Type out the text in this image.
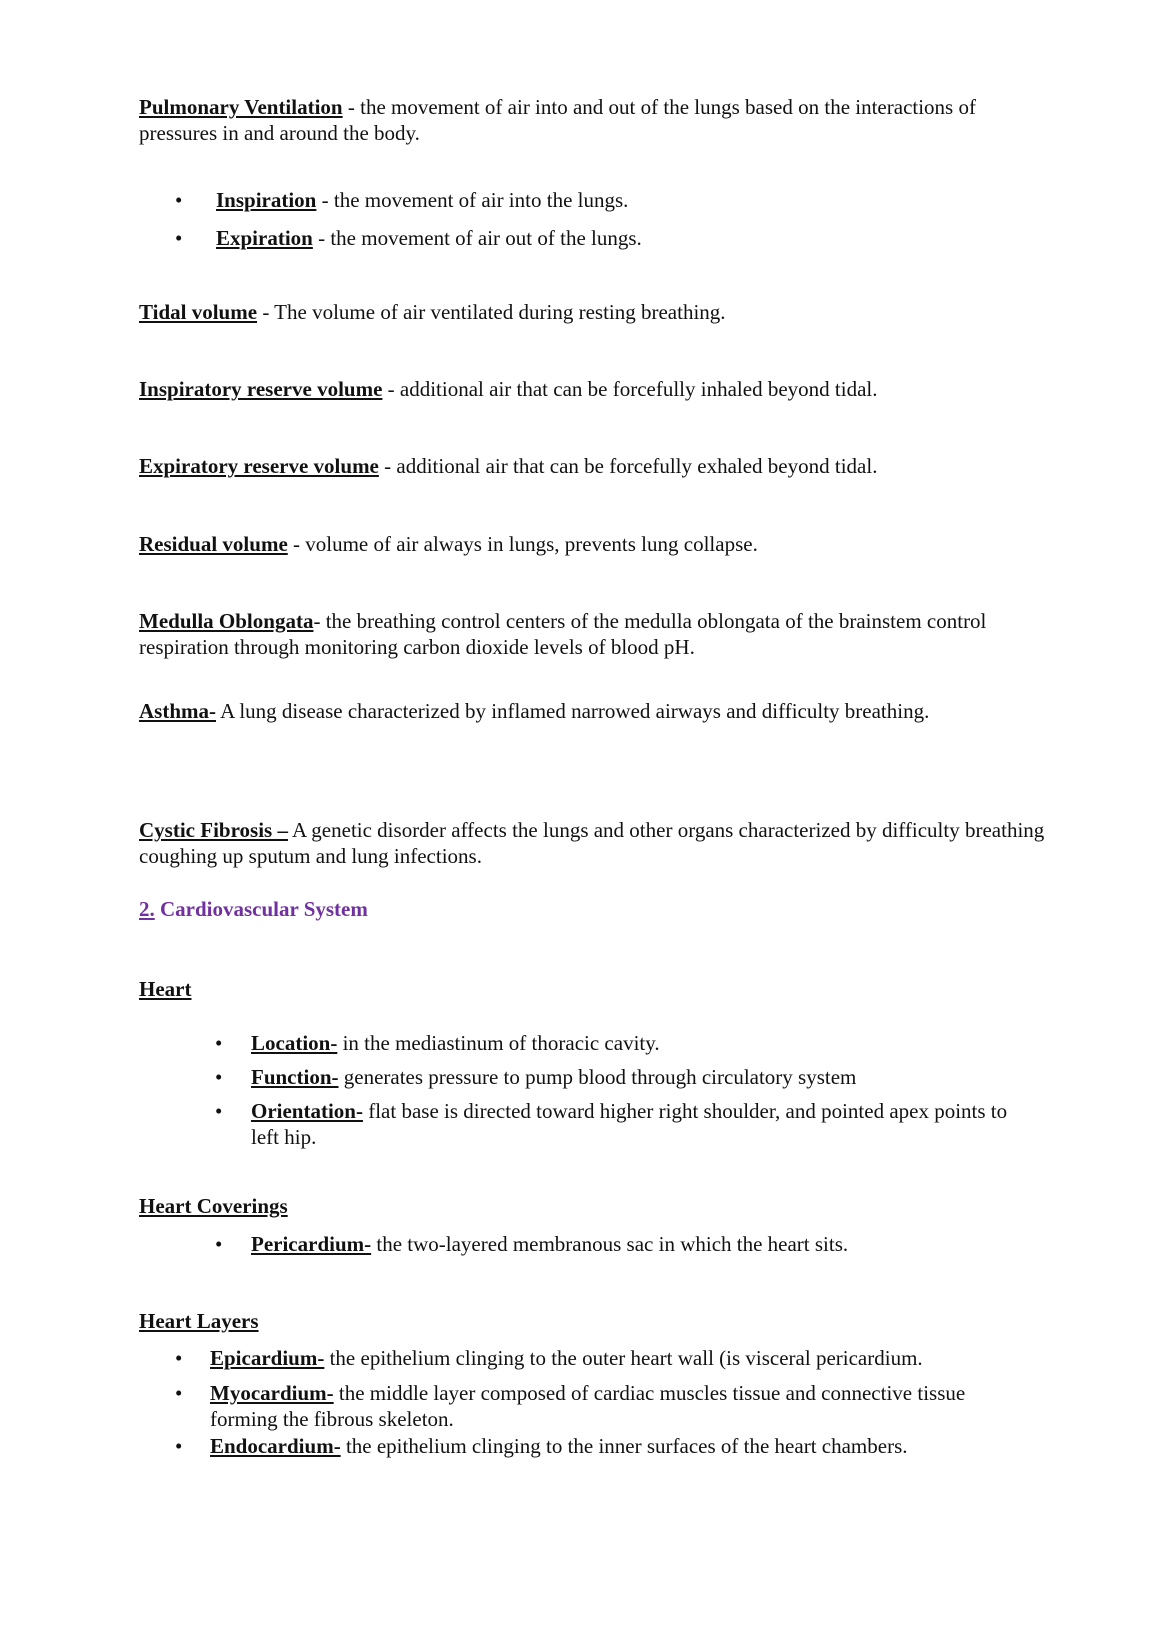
Pulmonary Ventilation - the movement of air into and out of the lungs based on the interactions of pressures in and around the body.

• Inspiration - the movement of air into the lungs.

• Expiration - the movement of air out of the lungs.

Tidal volume - The volume of air ventilated during resting breathing.

Inspiratory reserve volume - additional air that can be forcefully inhaled beyond tidal.

Expiratory reserve volume - additional air that can be forcefully exhaled beyond tidal.

Residual volume - volume of air always in lungs, prevents lung collapse.

Medulla Oblongata- the breathing control centers of the medulla oblongata of the brainstem control respiration through monitoring carbon dioxide levels of blood pH.

Asthma- A lung disease characterized by inflamed narrowed airways and difficulty breathing.

Cystic Fibrosis – A genetic disorder affects the lungs and other organs characterized by difficulty breathing coughing up sputum and lung infections.

2. Cardiovascular System

Heart

• Location- in the mediastinum of thoracic cavity.

• Function- generates pressure to pump blood through circulatory system

• Orientation- flat base is directed toward higher right shoulder, and pointed apex points to left hip.

Heart Coverings

• Pericardium- the two-layered membranous sac in which the heart sits.

Heart Layers

• Epicardium- the epithelium clinging to the outer heart wall (is visceral pericardium.

• Myocardium- the middle layer composed of cardiac muscles tissue and connective tissue forming the fibrous skeleton.

• Endocardium- the epithelium clinging to the inner surfaces of the heart chambers.
